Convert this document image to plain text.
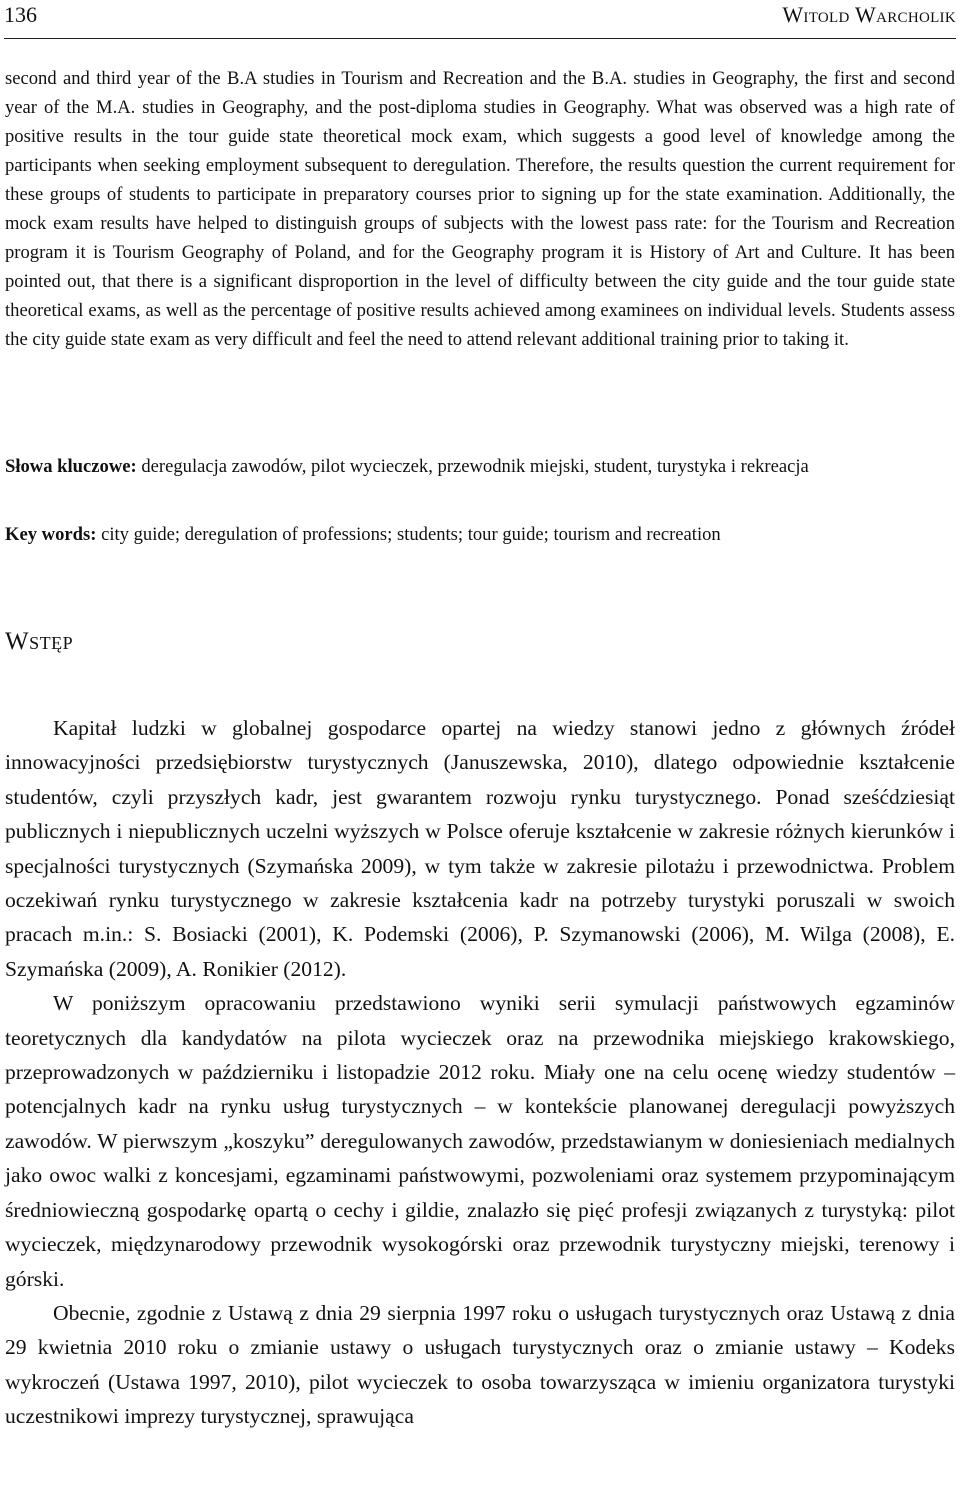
136	Witold Warcholik

second and third year of the B.A studies in Tourism and Recreation and the B.A. studies in Geography, the first and second year of the M.A. studies in Geography, and the post-diploma studies in Geography. What was observed was a high rate of positive results in the tour guide state theoretical mock exam, which suggests a good level of knowledge among the participants when seeking employment subsequent to deregulation. Therefore, the results question the current requirement for these groups of students to participate in preparatory courses prior to signing up for the state examination. Additionally, the mock exam results have helped to distinguish groups of subjects with the lowest pass rate: for the Tourism and Recreation program it is Tourism Geography of Poland, and for the Geography program it is History of Art and Culture. It has been pointed out, that there is a significant disproportion in the level of difficulty between the city guide and the tour guide state theoretical exams, as well as the percentage of positive results achieved among examinees on individual levels. Students assess the city guide state exam as very difficult and feel the need to attend relevant additional training prior to taking it.

Słowa kluczowe: deregulacja zawodów, pilot wycieczek, przewodnik miejski, student, turystyka i rekreacja
Key words: city guide; deregulation of professions; students; tour guide; tourism and recreation
Wstęp

Kapitał ludzki w globalnej gospodarce opartej na wiedzy stanowi jedno z głównych źródeł innowacyjności przedsiębiorstw turystycznych (Januszewska, 2010), dlatego odpowiednie kształcenie studentów, czyli przyszłych kadr, jest gwarantem rozwoju rynku turystycznego. Ponad sześćdziesiąt publicznych i niepublicznych uczelni wyższych w Polsce oferuje kształcenie w zakresie różnych kierunków i specjalności turystycznych (Szymańska 2009), w tym także w zakresie pilotażu i przewodnictwa. Problem oczekiwań rynku turystycznego w zakresie kształcenia kadr na potrzeby turystyki poruszali w swoich pracach m.in.: S. Bosiacki (2001), K. Podemski (2006), P. Szymanowski (2006), M. Wilga (2008), E. Szymańska (2009), A. Ronikier (2012).

W poniższym opracowaniu przedstawiono wyniki serii symulacji państwowych egzaminów teoretycznych dla kandydatów na pilota wycieczek oraz na przewodnika miejskiego krakowskiego, przeprowadzonych w październiku i listopadzie 2012 roku. Miały one na celu ocenę wiedzy studentów – potencjalnych kadr na rynku usług turystycznych – w kontekście planowanej deregulacji powyższych zawodów. W pierwszym „koszyku” deregulowanych zawodów, przedstawianym w doniesieniach medialnych jako owoc walki z koncesjami, egzaminami państwowymi, pozwoleniami oraz systemem przypominającym średniowieczną gospodarkę opartą o cechy i gildie, znalazło się pięć profesji związanych z turystyką: pilot wycieczek, międzynarodowy przewodnik wysokogórski oraz przewodnik turystyczny miejski, terenowy i górski.

Obecnie, zgodnie z Ustawą z dnia 29 sierpnia 1997 roku o usługach turystycznych oraz Ustawą z dnia 29 kwietnia 2010 roku o zmianie ustawy o usługach turystycznych oraz o zmianie ustawy – Kodeks wykroczeń (Ustawa 1997, 2010), pilot wycieczek to osoba towarzysząca w imieniu organizatora turystyki uczestnikowi imprezy turystycznej, sprawująca
